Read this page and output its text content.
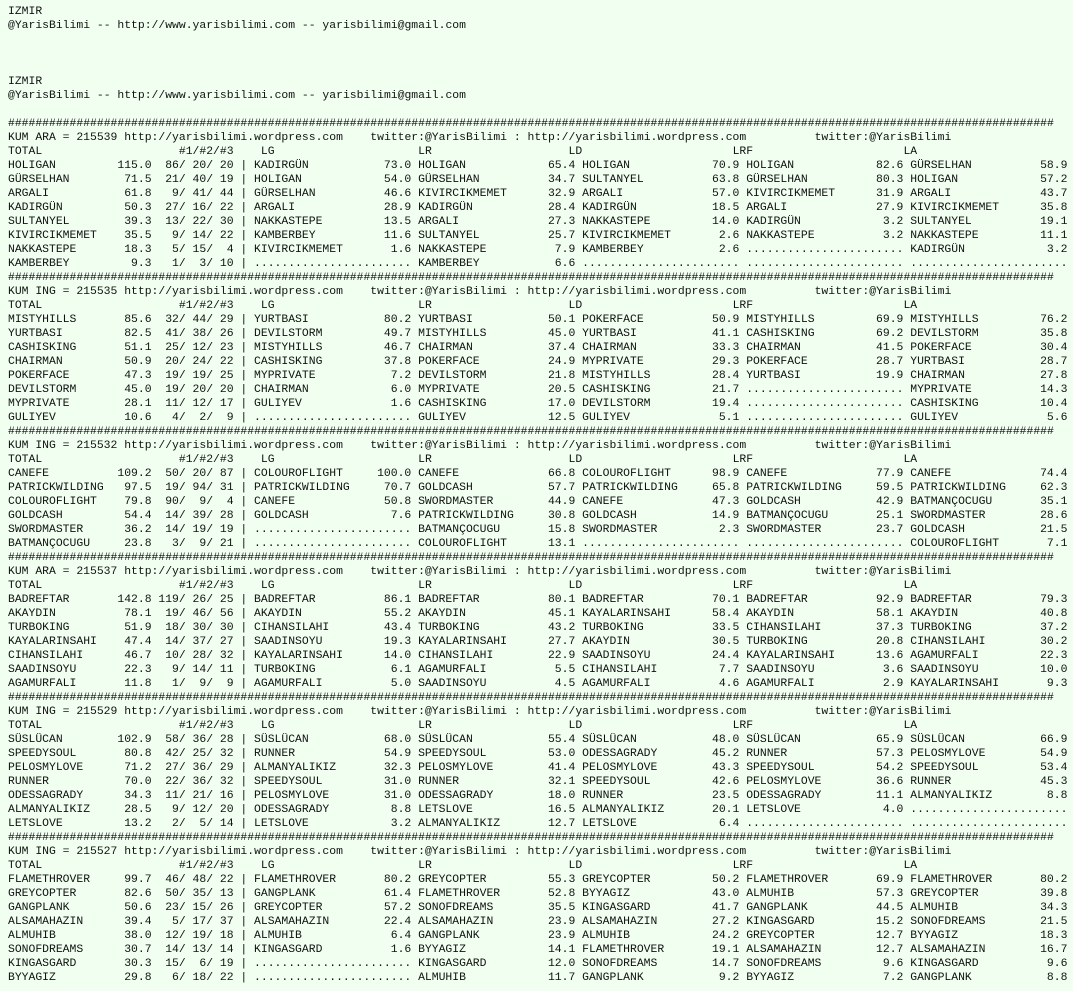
IZMIR
@YarisBilimi -- http://www.yarisbilimi.com -- yarisbilimi@gmail.com
IZMIR
@YarisBilimi -- http://www.yarisbilimi.com -- yarisbilimi@gmail.com
#########################################################################################################################################################
KUM ARA = 215539 http://yarisbilimi.wordpress.com twitter:@YarisBilimi : http://yarisbilimi.wordpress.com	twitter:@YarisBilimi
TOTAL	#1/#2/#3 LG	LR	LD	LRF	LA
HOLIGAN	115.0 86/ 20/ 20 | KADIRGÜN	73.0 HOLIGAN	65.4 HOLIGAN	70.9 HOLIGAN	82.6 GÜRSELHAN	58.9
GÜRSELHAN	71.5 21/ 40/ 19 | HOLIGAN	54.0 GÜRSELHAN	34.7 SULTANYEL	63.8 GÜRSELHAN	80.3 HOLIGAN	57.2
ARGALI	61.8 9/ 41/ 44 | GÜRSELHAN	46.6 KIVIRCIKMEMET	32.9 ARGALI	57.0 KIVIRCIKMEMET	31.9 ARGALI	43.7
KADIRGÜN	50.3 27/ 16/ 22 | ARGALI	28.9 KADIRGÜN	28.4 KADIRGÜN	18.5 ARGALI	27.9 KIVIRCIKMEMET	35.8
SULTANYEL	39.3 13/ 22/ 30 | NAKKASTEPE	13.5 ARGALI	27.3 NAKKASTEPE	14.0 KADIRGÜN	3.2 SULTANYEL	19.1
KIVIRCIKMEMET 35.5 9/ 14/ 22 | KAMBERBEY	11.6 SULTANYEL	25.7 KIVIRCIKMEMET	2.6 NAKKASTEPE	3.2 NAKKASTEPE	11.1
NAKKASTEPE	18.3 5/ 15/ 4 | KIVIRCIKMEMET	1.6 NAKKASTEPE	7.9 KAMBERBEY	2.6 ....................... KADIRGÜN	3.2
KAMBERBEY	9.3 1/ 3/ 10 | ....................... KAMBERBEY	6.6 ....................... ....................... .......................
#########################################################################################################################################################
KUM ING = 215535 http://yarisbilimi.wordpress.com twitter:@YarisBilimi : http://yarisbilimi.wordpress.com	twitter:@YarisBilimi
TOTAL	#1/#2/#3 LG	LR	LD	LRF	LA
MISTYHILLS	85.6 32/ 44/ 29 | YURTBASI	80.2 YURTBASI	50.1 POKERFACE	50.9 MISTYHILLS	69.9 MISTYHILLS	76.2
YURTBASI	82.5 41/ 38/ 26 | DEVILSTORM	49.7 MISTYHILLS	45.0 YURTBASI	41.1 CASHISKING	69.2 DEVILSTORM	35.8
CASHISKING	51.1 25/ 12/ 23 | MISTYHILLS	46.7 CHAIRMAN	37.4 CHAIRMAN	33.3 CHAIRMAN	41.5 POKERFACE	30.4
CHAIRMAN	50.9 20/ 24/ 22 | CASHISKING	37.8 POKERFACE	24.9 MYPRIVATE	29.3 POKERFACE	28.7 YURTBASI	28.7
POKERFACE	47.3 19/ 19/ 25 | MYPRIVATE	7.2 DEVILSTORM	21.8 MISTYHILLS	28.4 YURTBASI	19.9 CHAIRMAN	27.8
DEVILSTORM	45.0 19/ 20/ 20 | CHAIRMAN	6.0 MYPRIVATE	20.5 CASHISKING	21.7 ....................... MYPRIVATE	14.3
MYPRIVATE	28.1 11/ 12/ 17 | GULIYEV	1.6 CASHISKING	17.0 DEVILSTORM	19.4 ....................... CASHISKING	10.4
GULIYEV	10.6 4/ 2/ 9 | ....................... GULIYEV	12.5 GULIYEV	5.1 ....................... GULIYEV	5.6
#########################################################################################################################################################
KUM ING = 215532 http://yarisbilimi.wordpress.com twitter:@YarisBilimi : http://yarisbilimi.wordpress.com	twitter:@YarisBilimi
TOTAL	#1/#2/#3 LG	LR	LD	LRF	LA
CANEFE	109.2 50/ 20/ 87 | COLOUROFLIGHT	100.0 CANEFE	66.8 COLOUROFLIGHT	98.9 CANEFE	77.9 CANEFE	74.4
PATRICKWILDING 97.5 19/ 94/ 31 | PATRICKWILDING	70.7 GOLDCASH	57.7 PATRICKWILDING	65.8 PATRICKWILDING	59.5 PATRICKWILDING	62.3
COLOUROFLIGHT 79.8 90/ 9/ 4 | CANEFE	50.8 SWORDMASTER	44.9 CANEFE	47.3 GOLDCASH	42.9 BATMANÇOCUGU	35.1
GOLDCASH	54.4 14/ 39/ 28 | GOLDCASH	7.6 PATRICKWILDING	30.8 GOLDCASH	14.9 BATMANÇOCUGU	25.1 SWORDMASTER	28.6
SWORDMASTER	36.2 14/ 19/ 19 | ....................... BATMANÇOCUGU	15.8 SWORDMASTER	2.3 SWORDMASTER	23.7 GOLDCASH	21.5
BATMANÇOCUGU	23.8 3/ 9/ 21 | ....................... COLOUROFLIGHT	13.1 ....................... ....................... COLOUROFLIGHT	7.1
#########################################################################################################################################################
KUM ARA = 215537 http://yarisbilimi.wordpress.com twitter:@YarisBilimi : http://yarisbilimi.wordpress.com	twitter:@YarisBilimi
TOTAL	#1/#2/#3 LG	LR	LD	LRF	LA
BADREFTAR	142.8 119/ 26/ 25 | BADREFTAR	86.1 BADREFTAR	80.1 BADREFTAR	70.1 BADREFTAR	92.9 BADREFTAR	79.3
AKAYDIN	78.1 19/ 46/ 56 | AKAYDIN	55.2 AKAYDIN	45.1 KAYALARINSAHI	58.4 AKAYDIN	58.1 AKAYDIN	40.8
TURBOKING	51.9 18/ 30/ 30 | CIHANSILAHI	43.4 TURBOKING	43.2 TURBOKING	33.5 CIHANSILAHI	37.3 TURBOKING	37.2
KAYALARINSAHI 47.4 14/ 37/ 27 | SAADINSOYU	19.3 KAYALARINSAHI	27.7 AKAYDIN	30.5 TURBOKING	20.8 CIHANSILAHI	30.2
CIHANSILAHI	46.7 10/ 28/ 32 | KAYALARINSAHI	14.0 CIHANSILAHI	22.9 SAADINSOYU	24.4 KAYALARINSAHI	13.6 AGAMURFALI	22.3
SAADINSOYU	22.3 9/ 14/ 11 | TURBOKING	6.1 AGAMURFALI	5.5 CIHANSILAHI	7.7 SAADINSOYU	3.6 SAADINSOYU	10.0
AGAMURFALI	11.8 1/ 9/ 9 | AGAMURFALI	5.0 SAADINSOYU	4.5 AGAMURFALI	4.6 AGAMURFALI	2.9 KAYALARINSAHI	9.3
#########################################################################################################################################################
KUM ING = 215529 http://yarisbilimi.wordpress.com twitter:@YarisBilimi : http://yarisbilimi.wordpress.com	twitter:@YarisBilimi
TOTAL	#1/#2/#3 LG	LR	LD	LRF	LA
SÜSLÜCAN	102.9 58/ 36/ 28 | SÜSLÜCAN	68.0 SÜSLÜCAN	55.4 SÜSLÜCAN	48.0 SÜSLÜCAN	65.9 SÜSLÜCAN	66.9
SPEEDYSOUL	80.8 42/ 25/ 32 | RUNNER	54.9 SPEEDYSOUL	53.0 ODESSAGRADY	45.2 RUNNER	57.3 PELOSMYLOVE	54.9
PELOSMYLOVE	71.2 27/ 36/ 29 | ALMANYALIKIZ	32.3 PELOSMYLOVE	41.4 PELOSMYLOVE	43.3 SPEEDYSOUL	54.2 SPEEDYSOUL	53.4
RUNNER	70.0 22/ 36/ 32 | SPEEDYSOUL	31.0 RUNNER	32.1 SPEEDYSOUL	42.6 PELOSMYLOVE	36.6 RUNNER	45.3
ODESSAGRADY	34.3 11/ 21/ 16 | PELOSMYLOVE	31.0 ODESSAGRADY	18.0 RUNNER	23.5 ODESSAGRADY	11.1 ALMANYALIKIZ	8.8
ALMANYALIKIZ	28.5 9/ 12/ 20 | ODESSAGRADY	8.8 LETSLOVE	16.5 ALMANYALIKIZ	20.1 LETSLOVE	4.0 .......................
LETSLOVE	13.2 2/ 5/ 14 | LETSLOVE	3.2 ALMANYALIKIZ	12.7 LETSLOVE	6.4 ....................... .......................
#########################################################################################################################################################
KUM ING = 215527 http://yarisbilimi.wordpress.com twitter:@YarisBilimi : http://yarisbilimi.wordpress.com	twitter:@YarisBilimi
TOTAL	#1/#2/#3 LG	LR	LD	LRF	LA
FLAMETHROVER	99.7 46/ 48/ 22 | FLAMETHROVER	80.2 GREYCOPTER	55.3 GREYCOPTER	50.2 FLAMETHROVER	69.9 FLAMETHROVER	80.2
GREYCOPTER	82.6 50/ 35/ 13 | GANGPLANK	61.4 FLAMETHROVER	52.8 BYYAGIZ	43.0 ALMUHIB	57.3 GREYCOPTER	39.8
GANGPLANK	50.6 23/ 15/ 26 | GREYCOPTER	57.2 SONOFDREAMS	35.5 KINGASGARD	41.7 GANGPLANK	44.5 ALMUHIB	34.3
ALSAMAHAZIN	39.4 5/ 17/ 37 | ALSAMAHAZIN	22.4 ALSAMAHAZIN	23.9 ALSAMAHAZIN	27.2 KINGASGARD	15.2 SONOFDREAMS	21.5
ALMUHIB	38.0 12/ 19/ 18 | ALMUHIB	6.4 GANGPLANK	23.9 ALMUHIB	24.2 GREYCOPTER	12.7 BYYAGIZ	18.3
SONOFDREAMS	30.7 14/ 13/ 14 | KINGASGARD	1.6 BYYAGIZ	14.1 FLAMETHROVER	19.1 ALSAMAHAZIN	12.7 ALSAMAHAZIN	16.7
KINGASGARD	30.3 15/ 6/ 19 | ....................... KINGASGARD	12.0 SONOFDREAMS	14.7 SONOFDREAMS	9.6 KINGASGARD	9.6
BYYAGIZ	29.8 6/ 18/ 22 | ....................... ALMUHIB	11.7 GANGPLANK	9.2 BYYAGIZ	7.2 GANGPLANK	8.8
